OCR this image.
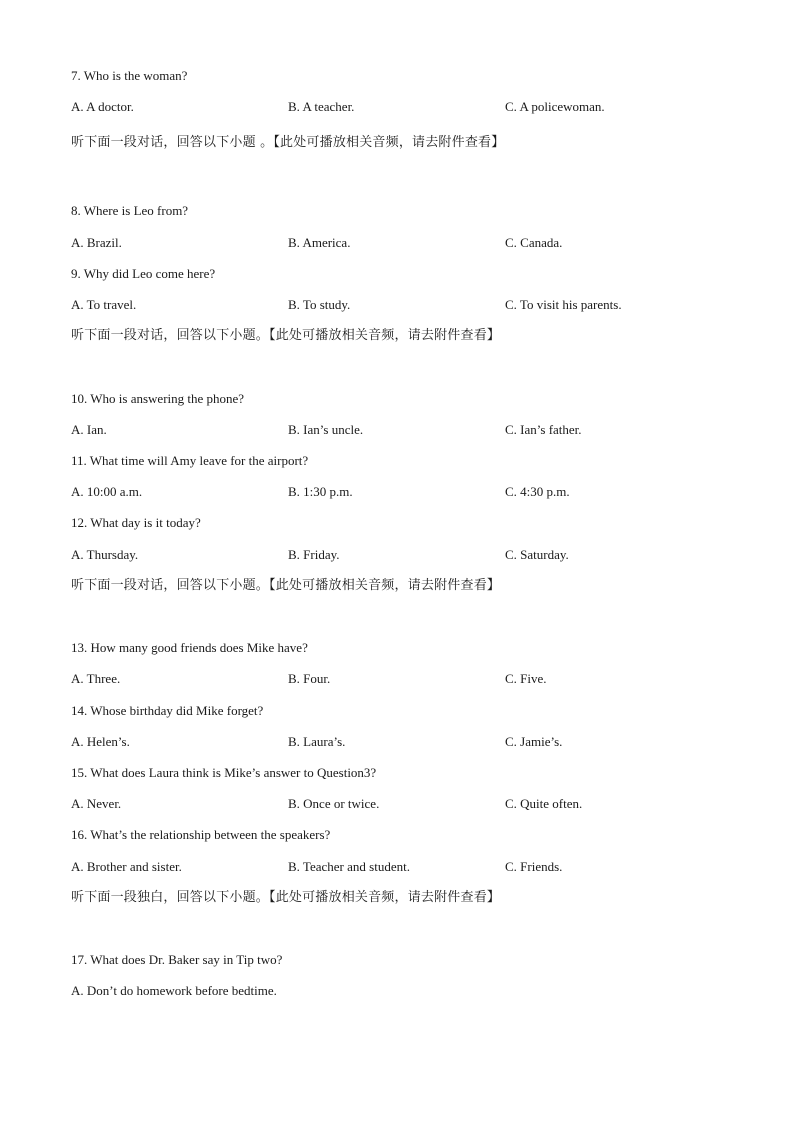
7. Who is the woman?
A. A doctor.	B. A teacher.	C. A policewoman.
听下面一段对话，回答以下小题 。【此处可播放相关音频，请去附件查看】
8. Where is Leo from?
A. Brazil.	B. America.	C. Canada.
9. Why did Leo come here?
A. To travel.	B. To study.	C. To visit his parents.
听下面一段对话，回答以下小题。【此处可播放相关音频，请去附件查看】
10. Who is answering the phone?
A. Ian.	B. Ian’s uncle.	C. Ian’s father.
11. What time will Amy leave for the airport?
A. 10:00 a.m.	B. 1:30 p.m.	C. 4:30 p.m.
12. What day is it today?
A. Thursday.	B. Friday.	C. Saturday.
听下面一段对话，回答以下小题。【此处可播放相关音频，请去附件查看】
13. How many good friends does Mike have?
A. Three.	B. Four.	C. Five.
14. Whose birthday did Mike forget?
A. Helen’s.	B. Laura’s.	C. Jamie’s.
15. What does Laura think is Mike’s answer to Question3?
A. Never.	B. Once or twice.	C. Quite often.
16. What’s the relationship between the speakers?
A. Brother and sister.	B. Teacher and student.	C. Friends.
听下面一段独白，回答以下小题。【此处可播放相关音频，请去附件查看】
17. What does Dr. Baker say in Tip two?
A. Don’t do homework before bedtime.
